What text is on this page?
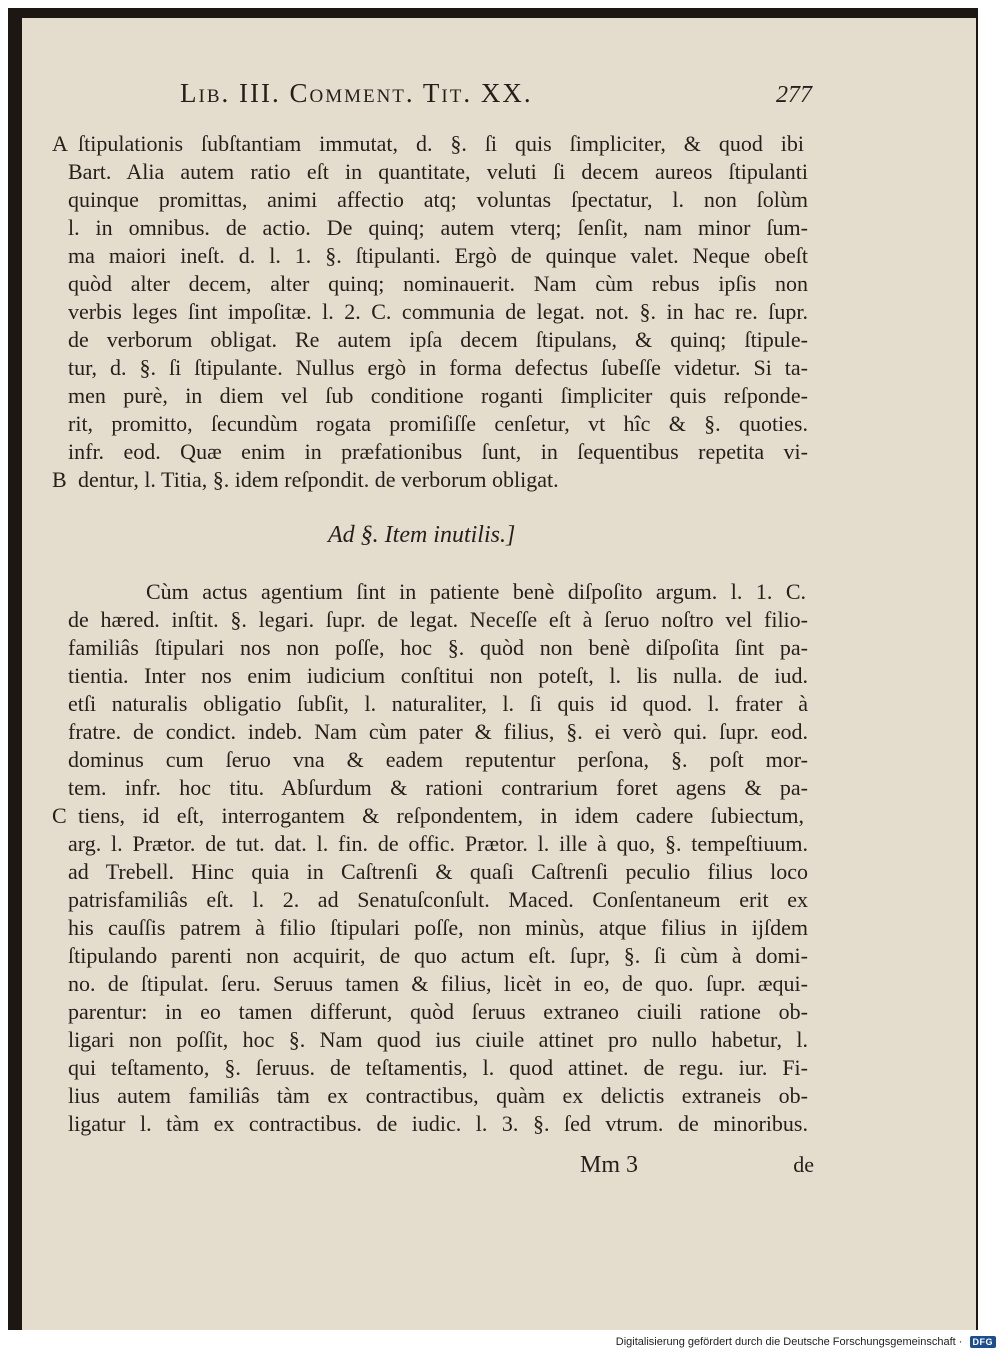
Lib. III. Comment. Tit. XX.	277
A
B
C
ſtipulationis ſubſtantiam immutat, d. §. ſi quis ſimpliciter, & quod ibi
Bart. Alia autem ratio eſt in quantitate, veluti ſi decem aureos ſtipulanti
quinque promittas, animi affectio atq; voluntas ſpectatur, l. non ſolùm
l. in omnibus. de actio. De quinq; autem vterq; ſenſit, nam minor ſum-
ma maiori ineſt. d. l. 1. §. ſtipulanti. Ergò de quinque valet. Neque obeſt
quòd alter decem, alter quinq; nominauerit. Nam cùm rebus ipſis non
verbis leges ſint impoſitæ. l. 2. C. communia de legat. not. §. in hac re. ſupr.
de verborum obligat. Re autem ipſa decem ſtipulans, & quinq; ſtipule-
tur, d. §. ſi ſtipulante. Nullus ergò in forma defectus ſubeſſe videtur. Si ta-
men purè, in diem vel ſub conditione roganti ſimpliciter quis reſponde-
rit, promitto, ſecundùm rogata promiſiſſe cenſetur, vt hîc & §. quoties.
infr. eod. Quæ enim in præfationibus ſunt, in ſequentibus repetita vi-
dentur, l. Titia, §. idem reſpondit. de verborum obligat.
Ad §. Item inutilis.]
Cùm actus agentium ſint in patiente benè diſpoſito argum. l. 1. C.
de hæred. inſtit. §. legari. ſupr. de legat. Neceſſe eſt à ſeruo noſtro vel filio-
familiâs ſtipulari nos non poſſe, hoc §. quòd non benè diſpoſita ſint pa-
tientia. Inter nos enim iudicium conſtitui non poteſt, l. lis nulla. de iud.
etſi naturalis obligatio ſubſit, l. naturaliter, l. ſi quis id quod. l. frater à
fratre. de condict. indeb. Nam cùm pater & filius, §. ei verò qui. ſupr. eod.
dominus cum ſeruo vna & eadem reputentur perſona, §. poſt mor-
tem. infr. hoc titu. Abſurdum & rationi contrarium foret agens & pa-
tiens, id eſt, interrogantem & reſpondentem, in idem cadere ſubiectum,
arg. l. Prætor. de tut. dat. l. fin. de offic. Prætor. l. ille à quo, §. tempeſtiuum.
ad Trebell. Hinc quia in Caſtrenſi & quaſi Caſtrenſi peculio filius loco
patrisfamiliâs eſt. l. 2. ad Senatuſconſult. Maced. Conſentaneum erit ex
his cauſſis patrem à filio ſtipulari poſſe, non minùs, atque filius in ijſdem
ſtipulando parenti non acquirit, de quo actum eſt. ſupr, §. ſi cùm à domi-
no. de ſtipulat. ſeru. Seruus tamen & filius, licèt in eo, de quo. ſupr. æqui-
parentur: in eo tamen differunt, quòd ſeruus extraneo ciuili ratione ob-
ligari non poſſit, hoc §. Nam quod ius ciuile attinet pro nullo habetur, l.
qui teſtamento, §. ſeruus. de teſtamentis, l. quod attinet. de regu. iur. Fi-
lius autem familiâs tàm ex contractibus, quàm ex delictis extraneis ob-
ligatur l. tàm ex contractibus. de iudic. l. 3. §. ſed vtrum. de minoribus.
Mm 3	de
Digitalisierung gefördert durch die Deutsche Forschungsgemeinschaft · DFG
